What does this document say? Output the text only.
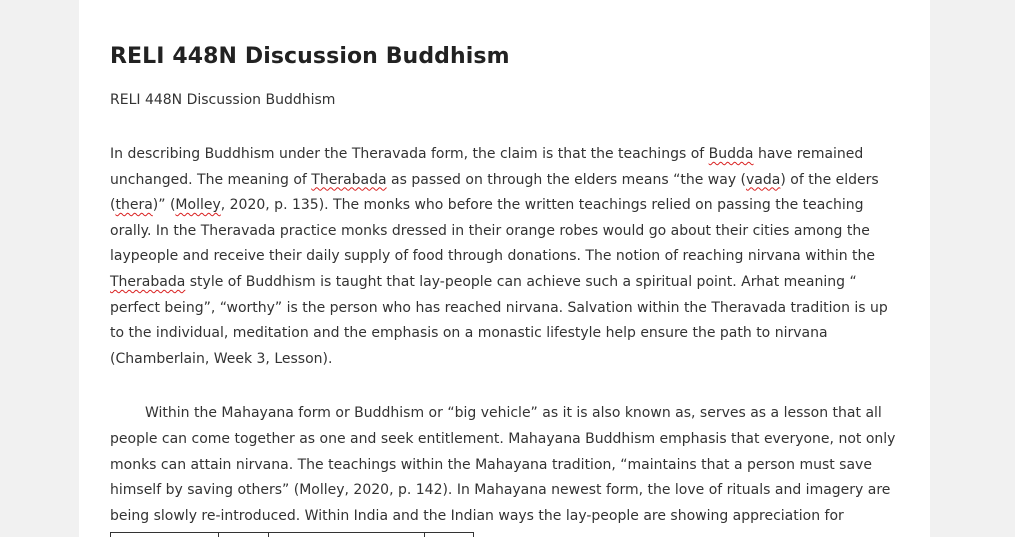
RELI 448N Discussion Buddhism

RELI 448N Discussion Buddhism

In describing Buddhism under the Theravada form, the claim is that the teachings of Budda have remained unchanged. The meaning of Therabada as passed on through the elders means “the way (vada) of the elders (thera)” (Molley, 2020, p. 135). The monks who before the written teachings relied on passing the teaching orally. In the Theravada practice monks dressed in their orange robes would go about their cities among the laypeople and receive their daily supply of food through donations. The notion of reaching nirvana within the Therabada style of Buddhism is taught that lay-people can achieve such a spiritual point. Arhat meaning “ perfect being”, “worthy” is the person who has reached nirvana. Salvation within the Theravada tradition is up to the individual, meditation and the emphasis on a monastic lifestyle help ensure the path to nirvana (Chamberlain, Week 3, Lesson).

Within the Mahayana form or Buddhism or “big vehicle” as it is also known as, serves as a lesson that all people can come together as one and seek entitlement. Mahayana Buddhism emphasis that everyone, not only monks can attain nirvana. The teachings within the Mahayana tradition, “maintains that a person must save himself by saving others” (Molley, 2020, p. 142). In Mahayana newest form, the love of rituals and imagery are being slowly re-introduced. Within India and the Indian ways the lay-people are showing appreciation for
